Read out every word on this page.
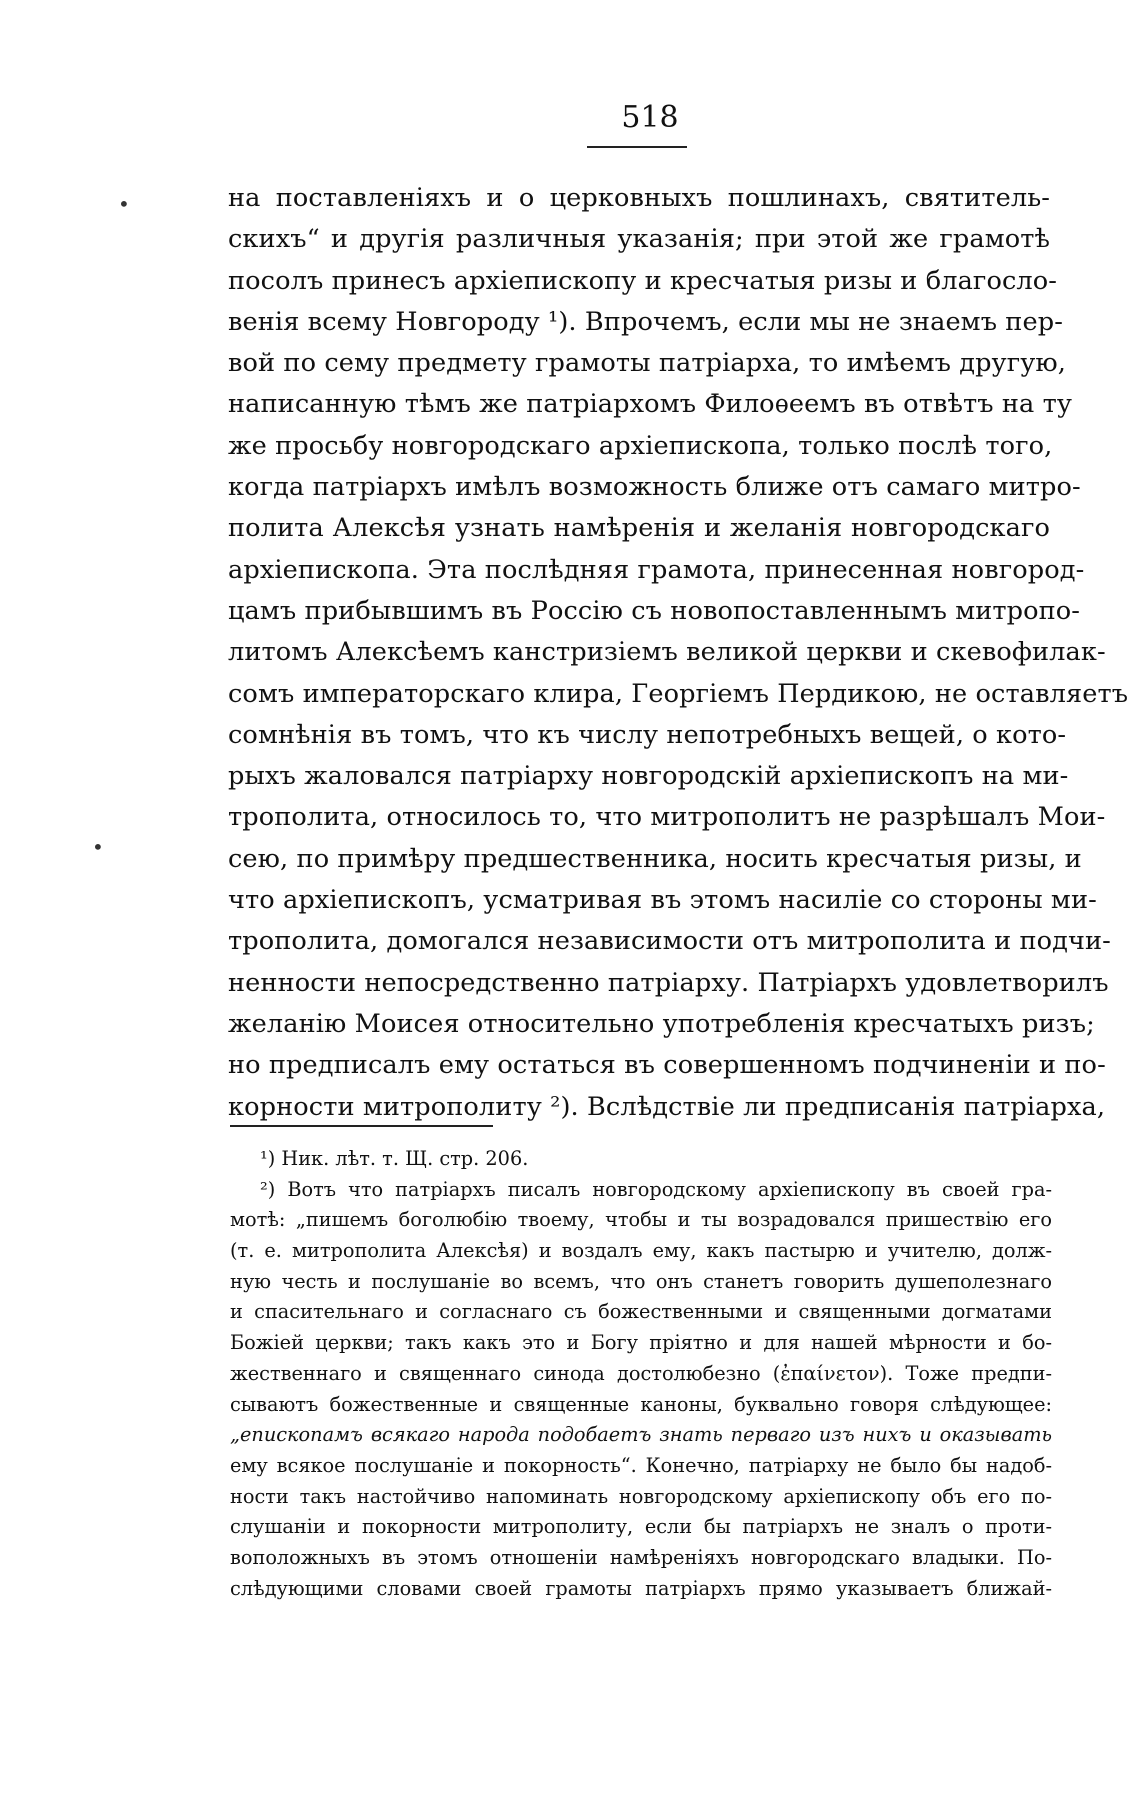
518
•
•
на поставленіяхъ и о церковныхъ пошлинахъ, святитель-
скихъ“ и другія различныя указанія; при этой же грамотѣ
посолъ принесъ архіепископу и кресчатыя ризы и благосло-
венія всему Новгороду ¹). Впрочемъ, если мы не знаемъ пер-
вой по сему предмету грамоты патріарха, то имѣемъ другую,
написанную тѣмъ же патріархомъ Филоѳеемъ въ отвѣтъ на ту
же просьбу новгородскаго архіепископа, только послѣ того,
когда патріархъ имѣлъ возможность ближе отъ самаго митро-
полита Алексѣя узнать намѣренія и желанія новгородскаго
архіепископа. Эта послѣдняя грамота, принесенная новгород-
цамъ прибывшимъ въ Россію съ новопоставленнымъ митропо-
литомъ Алексѣемъ канстризіемъ великой церкви и скевофилак-
сомъ императорскаго клира, Георгіемъ Пердикою, не оставляетъ
сомнѣнія въ томъ, что къ числу непотребныхъ вещей, о кото-
рыхъ жаловался патріарху новгородскій архіепископъ на ми-
трополита, относилось то, что митрополитъ не разрѣшалъ Мои-
сею, по примѣру предшественника, носить кресчатыя ризы, и
что архіепископъ, усматривая въ этомъ насиліе со стороны ми-
трополита, домогался независимости отъ митрополита и подчи-
ненности непосредственно патріарху. Патріархъ удовлетворилъ
желанію Моисея относительно употребленія кресчатыхъ ризъ;
но предписалъ ему остаться въ совершенномъ подчиненіи и по-
корности митрополиту ²). Вслѣдствіе ли предписанія патріарха,
¹) Ник. лѣт. т. Щ. стр. 206.
²) Вотъ что патріархъ писалъ новгородскому архіепископу въ своей гра-
мотѣ: „пишемъ боголюбію твоему, чтобы и ты возрадовался пришествію его
(т. е. митрополита Алексѣя) и воздалъ ему, какъ пастырю и учителю, долж-
ную честь и послушаніе во всемъ, что онъ станетъ говорить душеполезнаго
и спасительнаго и согласнаго съ божественными и священными догматами
Божіей церкви; такъ какъ это и Богу пріятно и для нашей мѣрности и бо-
жественнаго и священнаго синода достолюбезно (ἐπαίνετον). Тоже предпи-
сываютъ божественные и священные каноны, буквально говоря слѣдующее:
„епископамъ всякаго народа подобаетъ знать перваго изъ нихъ и оказывать
ему всякое послушаніе и покорность“. Конечно, патріарху не было бы надоб-
ности такъ настойчиво напоминать новгородскому архіепископу объ его по-
слушаніи и покорности митрополиту, если бы патріархъ не зналъ о проти-
воположныхъ въ этомъ отношеніи намѣреніяхъ новгородскаго владыки. По-
слѣдующими словами своей грамоты патріархъ прямо указываетъ ближай-
